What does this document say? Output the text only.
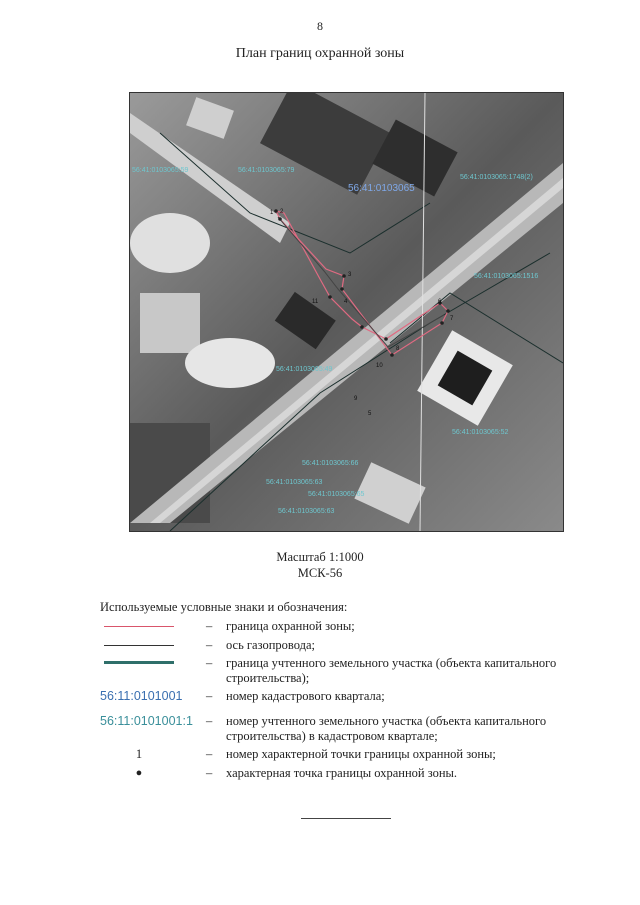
8
План границ охранной зоны
1 2
3
4
5
6
7
8
9
10
11
56:41:0103065:59	56:41:0103065:79
56:41:0103065:1748(2)
56:41:0103065:1516
56:41:0103065:49
56:41:0103065:52
56:41:0103065:66
56:41:0103065:63
56:41:0103065:65
56:41:0103065:63
56:41:0103065
Масштаб 1:1000
МСК-56
Используемые условные знаки и обозначения:
– граница охранной зоны;
– ось газопровода;
– граница учтенного земельного участка (объекта капитального строительства);
56:11:0101001 – номер кадастрового квартала;
56:11:0101001:1 – номер учтенного земельного участка (объекта капитального строительства) в кадастровом квартале;
1	– номер характерной точки границы охранной зоны;
●	– характерная точка границы охранной зоны.
